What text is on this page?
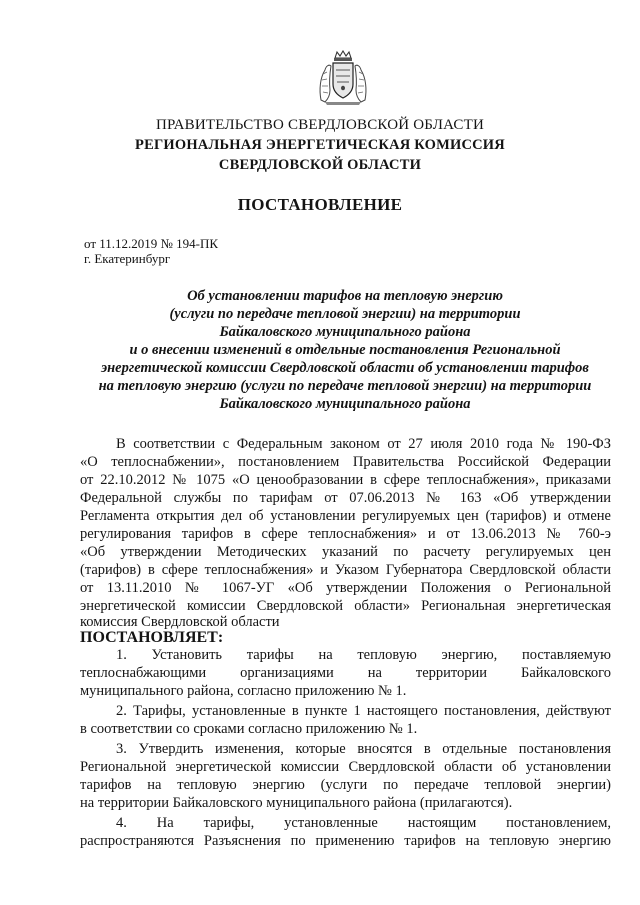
ПРАВИТЕЛЬСТВО СВЕРДЛОВСКОЙ ОБЛАСТИ
РЕГИОНАЛЬНАЯ ЭНЕРГЕТИЧЕСКАЯ КОМИССИЯ
СВЕРДЛОВСКОЙ ОБЛАСТИ
ПОСТАНОВЛЕНИЕ
от 11.12.2019 № 194-ПК
г. Екатеринбург
Об установлении тарифов на тепловую энергию
(услуги по передаче тепловой энергии) на территории
Байкаловского муниципального района
и о внесении изменений в отдельные постановления Региональной
энергетической комиссии Свердловской области об установлении тарифов
на тепловую энергию (услуги по передаче тепловой энергии) на территории
Байкаловского муниципального района
В соответствии с Федеральным законом от 27 июля 2010 года № 190-ФЗ
«О теплоснабжении», постановлением Правительства Российской Федерации
от 22.10.2012 № 1075 «О ценообразовании в сфере теплоснабжения», приказами
Федеральной службы по тарифам от 07.06.2013 № 163 «Об утверждении
Регламента открытия дел об установлении регулируемых цен (тарифов) и отмене
регулирования тарифов в сфере теплоснабжения» и от 13.06.2013 № 760-э
«Об утверждении Методических указаний по расчету регулируемых цен
(тарифов) в сфере теплоснабжения» и Указом Губернатора Свердловской области
от 13.11.2010 № 1067-УГ «Об утверждении Положения о Региональной
энергетической комиссии Свердловской области» Региональная энергетическая
комиссия Свердловской области
ПОСТАНОВЛЯЕТ:
1. Установить тарифы на тепловую энергию, поставляемую
теплоснабжающими организациями на территории Байкаловского
муниципального района, согласно приложению № 1.
2. Тарифы, установленные в пункте 1 настоящего постановления, действуют
в соответствии со сроками согласно приложению № 1.
3. Утвердить изменения, которые вносятся в отдельные постановления
Региональной энергетической комиссии Свердловской области об установлении
тарифов на тепловую энергию (услуги по передаче тепловой энергии)
на территории Байкаловского муниципального района (прилагаются).
4. На тарифы, установленные настоящим постановлением,
распространяются Разъяснения по применению тарифов на тепловую энергию
